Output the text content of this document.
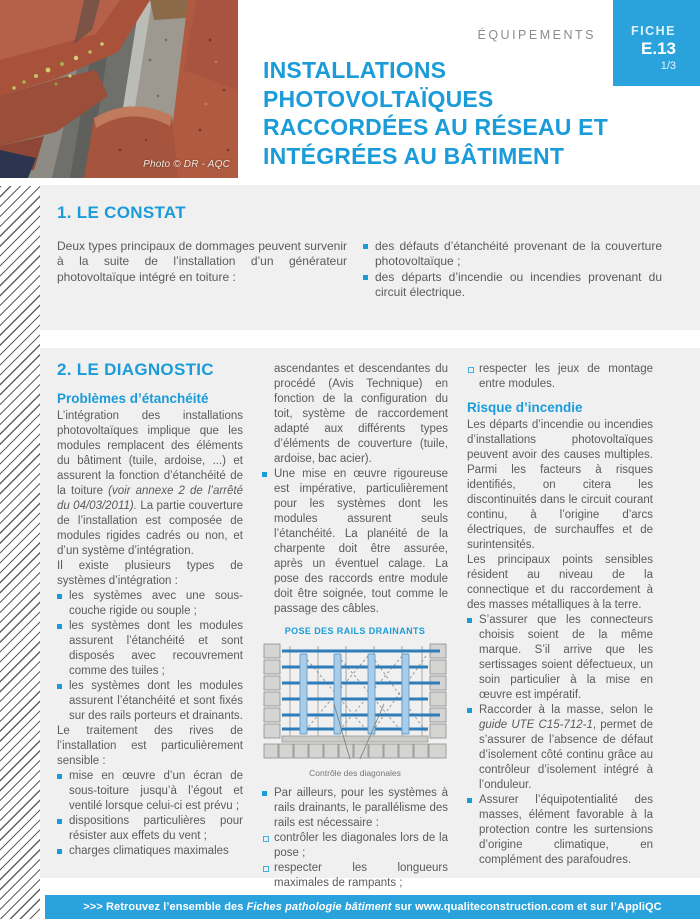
Photo © DR - AQC
ÉQUIPEMENTS	FICHE
E.13
1/3
INSTALLATIONS
PHOTOVOLTAÏQUES
RACCORDÉES AU RÉSEAU ET
INTÉGRÉES AU BÂTIMENT
1. LE CONSTAT

Deux types principaux de dommages peuvent survenir à la suite de l’installation d’un générateur photovoltaïque intégré en toiture :

des défauts d’étanchéité provenant de la couverture photovoltaïque ;
des départs d’incendie ou incendies provenant du circuit électrique.
2. LE DIAGNOSTIC
Problèmes d’étanchéité

L’intégration des installations photovoltaïques implique que les modules remplacent des éléments du bâtiment (tuile, ardoise, ...) et assurent la fonction d’étanchéité de la toiture (voir annexe 2 de l’arrêté du 04/03/2011). La partie couverture de l’installation est composée de modules rigides cadrés ou non, et d’un système d’intégration.

Il existe plusieurs types de systèmes d’intégration :

les systèmes avec une sous-couche rigide ou souple ;
les systèmes dont les modules assurent l’étanchéité et sont disposés avec recouvrement comme des tuiles ;
les systèmes dont les modules assurent l’étanchéité et sont fixés sur des rails porteurs et drainants.

Le traitement des rives de l’installation est particulièrement sensible :

mise en œuvre d’un écran de sous-toiture jusqu’à l’égout et ventilé lorsque celui-ci est prévu ;
dispositions particulières pour résister aux effets du vent ;
charges climatiques maximales

ascendantes et descendantes du procédé (Avis Technique) en fonction de la configuration du toit, système de raccordement adapté aux différents types d’éléments de couverture (tuile, ardoise, bac acier).

Une mise en œuvre rigoureuse est impérative, particulièrement pour les systèmes dont les modules assurent seuls l’étanchéité. La planéité de la charpente doit être assurée, après un éventuel calage. La pose des raccords entre module doit être soignée, tout comme le passage des câbles.
POSE DES RAILS DRAINANTS
Contrôle des diagonales
Par ailleurs, pour les systèmes à rails drainants, le parallélisme des rails est nécessaire :
contrôler les diagonales lors de la pose ;
respecter les longueurs maximales de rampants ;
respecter les jeux de montage entre modules.
Risque d’incendie

Les départs d’incendie ou incendies d’installations photovoltaïques peuvent avoir des causes multiples. Parmi les facteurs à risques identifiés, on citera les discontinuités dans le circuit courant continu, à l’origine d’arcs électriques, de surchauffes et de surintensités.

Les principaux points sensibles résident au niveau de la connectique et du raccordement à des masses métalliques à la terre.

S’assurer que les connecteurs choisis soient de la même marque. S’il arrive que les sertissages soient défectueux, un soin particulier à la mise en œuvre est impératif.
Raccorder à la masse, selon le guide UTE C15-712-1, permet de s’assurer de l’absence de défaut d’isolement côté continu grâce au contrôleur d’isolement intégré à l’onduleur.
Assurer l’équipotentialité des masses, élément favorable à la protection contre les surtensions d’origine climatique, en complément des parafoudres.
>>> Retrouvez l’ensemble des Fiches pathologie bâtiment sur www.qualiteconstruction.com et sur l’AppliQC
